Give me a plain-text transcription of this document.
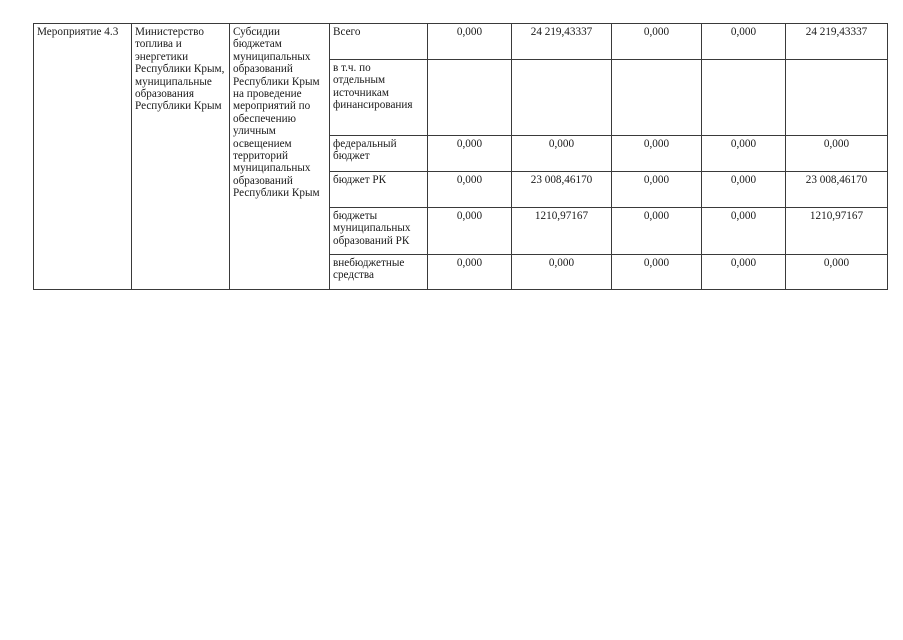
Мероприятие 4.3	Министерство топлива и энергетики Республики Крым, муниципальные образования Республики Крым	Субсидии бюджетам муниципальных образований Республики Крым на проведение мероприятий по обеспечению уличным освещением территорий муниципальных образований Республики Крым	Всего	0,000	24 219,43337	0,000	0,000	24 219,43337
			в т.ч. по отдельным источникам финансирования					
			федеральный бюджет	0,000	0,000	0,000	0,000	0,000
			бюджет РК	0,000	23 008,46170	0,000	0,000	23 008,46170
			бюджеты муниципальных образований РК	0,000	1210,97167	0,000	0,000	1210,97167
			внебюджетные средства	0,000	0,000	0,000	0,000	0,000
